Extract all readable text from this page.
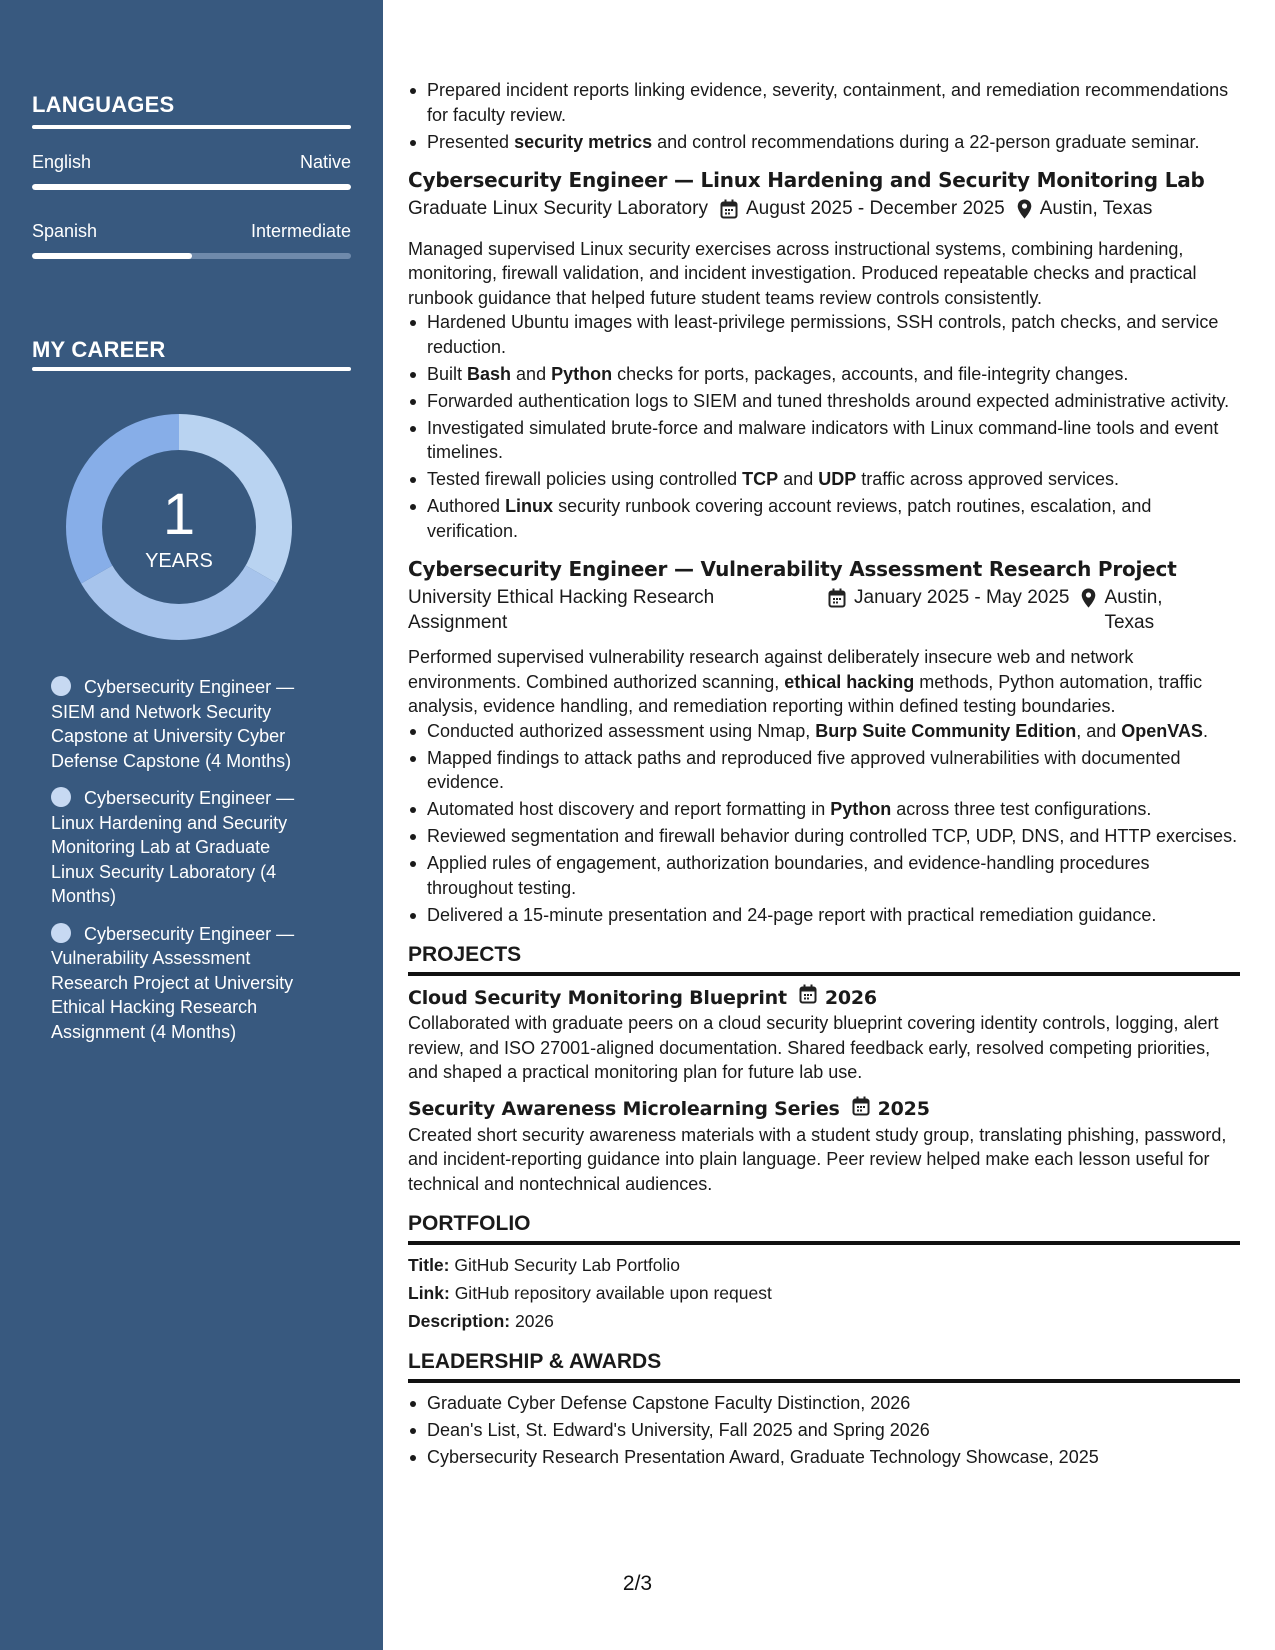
LANGUAGES
English	Native
Spanish	Intermediate
MY CAREER
1
YEARS
Cybersecurity Engineer — SIEM and Network Security Capstone at University Cyber Defense Capstone (4 Months)
Cybersecurity Engineer — Linux Hardening and Security Monitoring Lab at Graduate Linux Security Laboratory (4 Months)
Cybersecurity Engineer — Vulnerability Assessment Research Project at University Ethical Hacking Research Assignment (4 Months)
Prepared incident reports linking evidence, severity, containment, and remediation recommendations for faculty review.
Presented security metrics and control recommendations during a 22-person graduate seminar.
Cybersecurity Engineer — Linux Hardening and Security Monitoring Lab
Graduate Linux Security Laboratory August 2025 - December 2025 Austin, Texas

Managed supervised Linux security exercises across instructional systems, combining hardening, monitoring, firewall validation, and incident investigation. Produced repeatable checks and practical runbook guidance that helped future student teams review controls consistently.

Hardened Ubuntu images with least-privilege permissions, SSH controls, patch checks, and service reduction.
Built Bash and Python checks for ports, packages, accounts, and file-integrity changes.
Forwarded authentication logs to SIEM and tuned thresholds around expected administrative activity.
Investigated simulated brute-force and malware indicators with Linux command-line tools and event timelines.
Tested firewall policies using controlled TCP and UDP traffic across approved services.
Authored Linux security runbook covering account reviews, patch routines, escalation, and verification.
Cybersecurity Engineer — Vulnerability Assessment Research Project
University Ethical Hacking Research Assignment
January 2025 - May 2025 Austin, Texas

Performed supervised vulnerability research against deliberately insecure web and network environments. Combined authorized scanning, ethical hacking methods, Python automation, traffic analysis, evidence handling, and remediation reporting within defined testing boundaries.

Conducted authorized assessment using Nmap, Burp Suite Community Edition, and OpenVAS.
Mapped findings to attack paths and reproduced five approved vulnerabilities with documented evidence.
Automated host discovery and report formatting in Python across three test configurations.
Reviewed segmentation and firewall behavior during controlled TCP, UDP, DNS, and HTTP exercises.
Applied rules of engagement, authorization boundaries, and evidence-handling procedures throughout testing.
Delivered a 15-minute presentation and 24-page report with practical remediation guidance.
PROJECTS
Cloud Security Monitoring Blueprint 2026

Collaborated with graduate peers on a cloud security blueprint covering identity controls, logging, alert review, and ISO 27001-aligned documentation. Shared feedback early, resolved competing priorities, and shaped a practical monitoring plan for future lab use.

Security Awareness Microlearning Series 2025

Created short security awareness materials with a student study group, translating phishing, password, and incident-reporting guidance into plain language. Peer review helped make each lesson useful for technical and nontechnical audiences.

PORTFOLIO
Title: GitHub Security Lab Portfolio
Link: GitHub repository available upon request
Description: 2026
LEADERSHIP & AWARDS
Graduate Cyber Defense Capstone Faculty Distinction, 2026
Dean's List, St. Edward's University, Fall 2025 and Spring 2026
Cybersecurity Research Presentation Award, Graduate Technology Showcase, 2025
2/3
